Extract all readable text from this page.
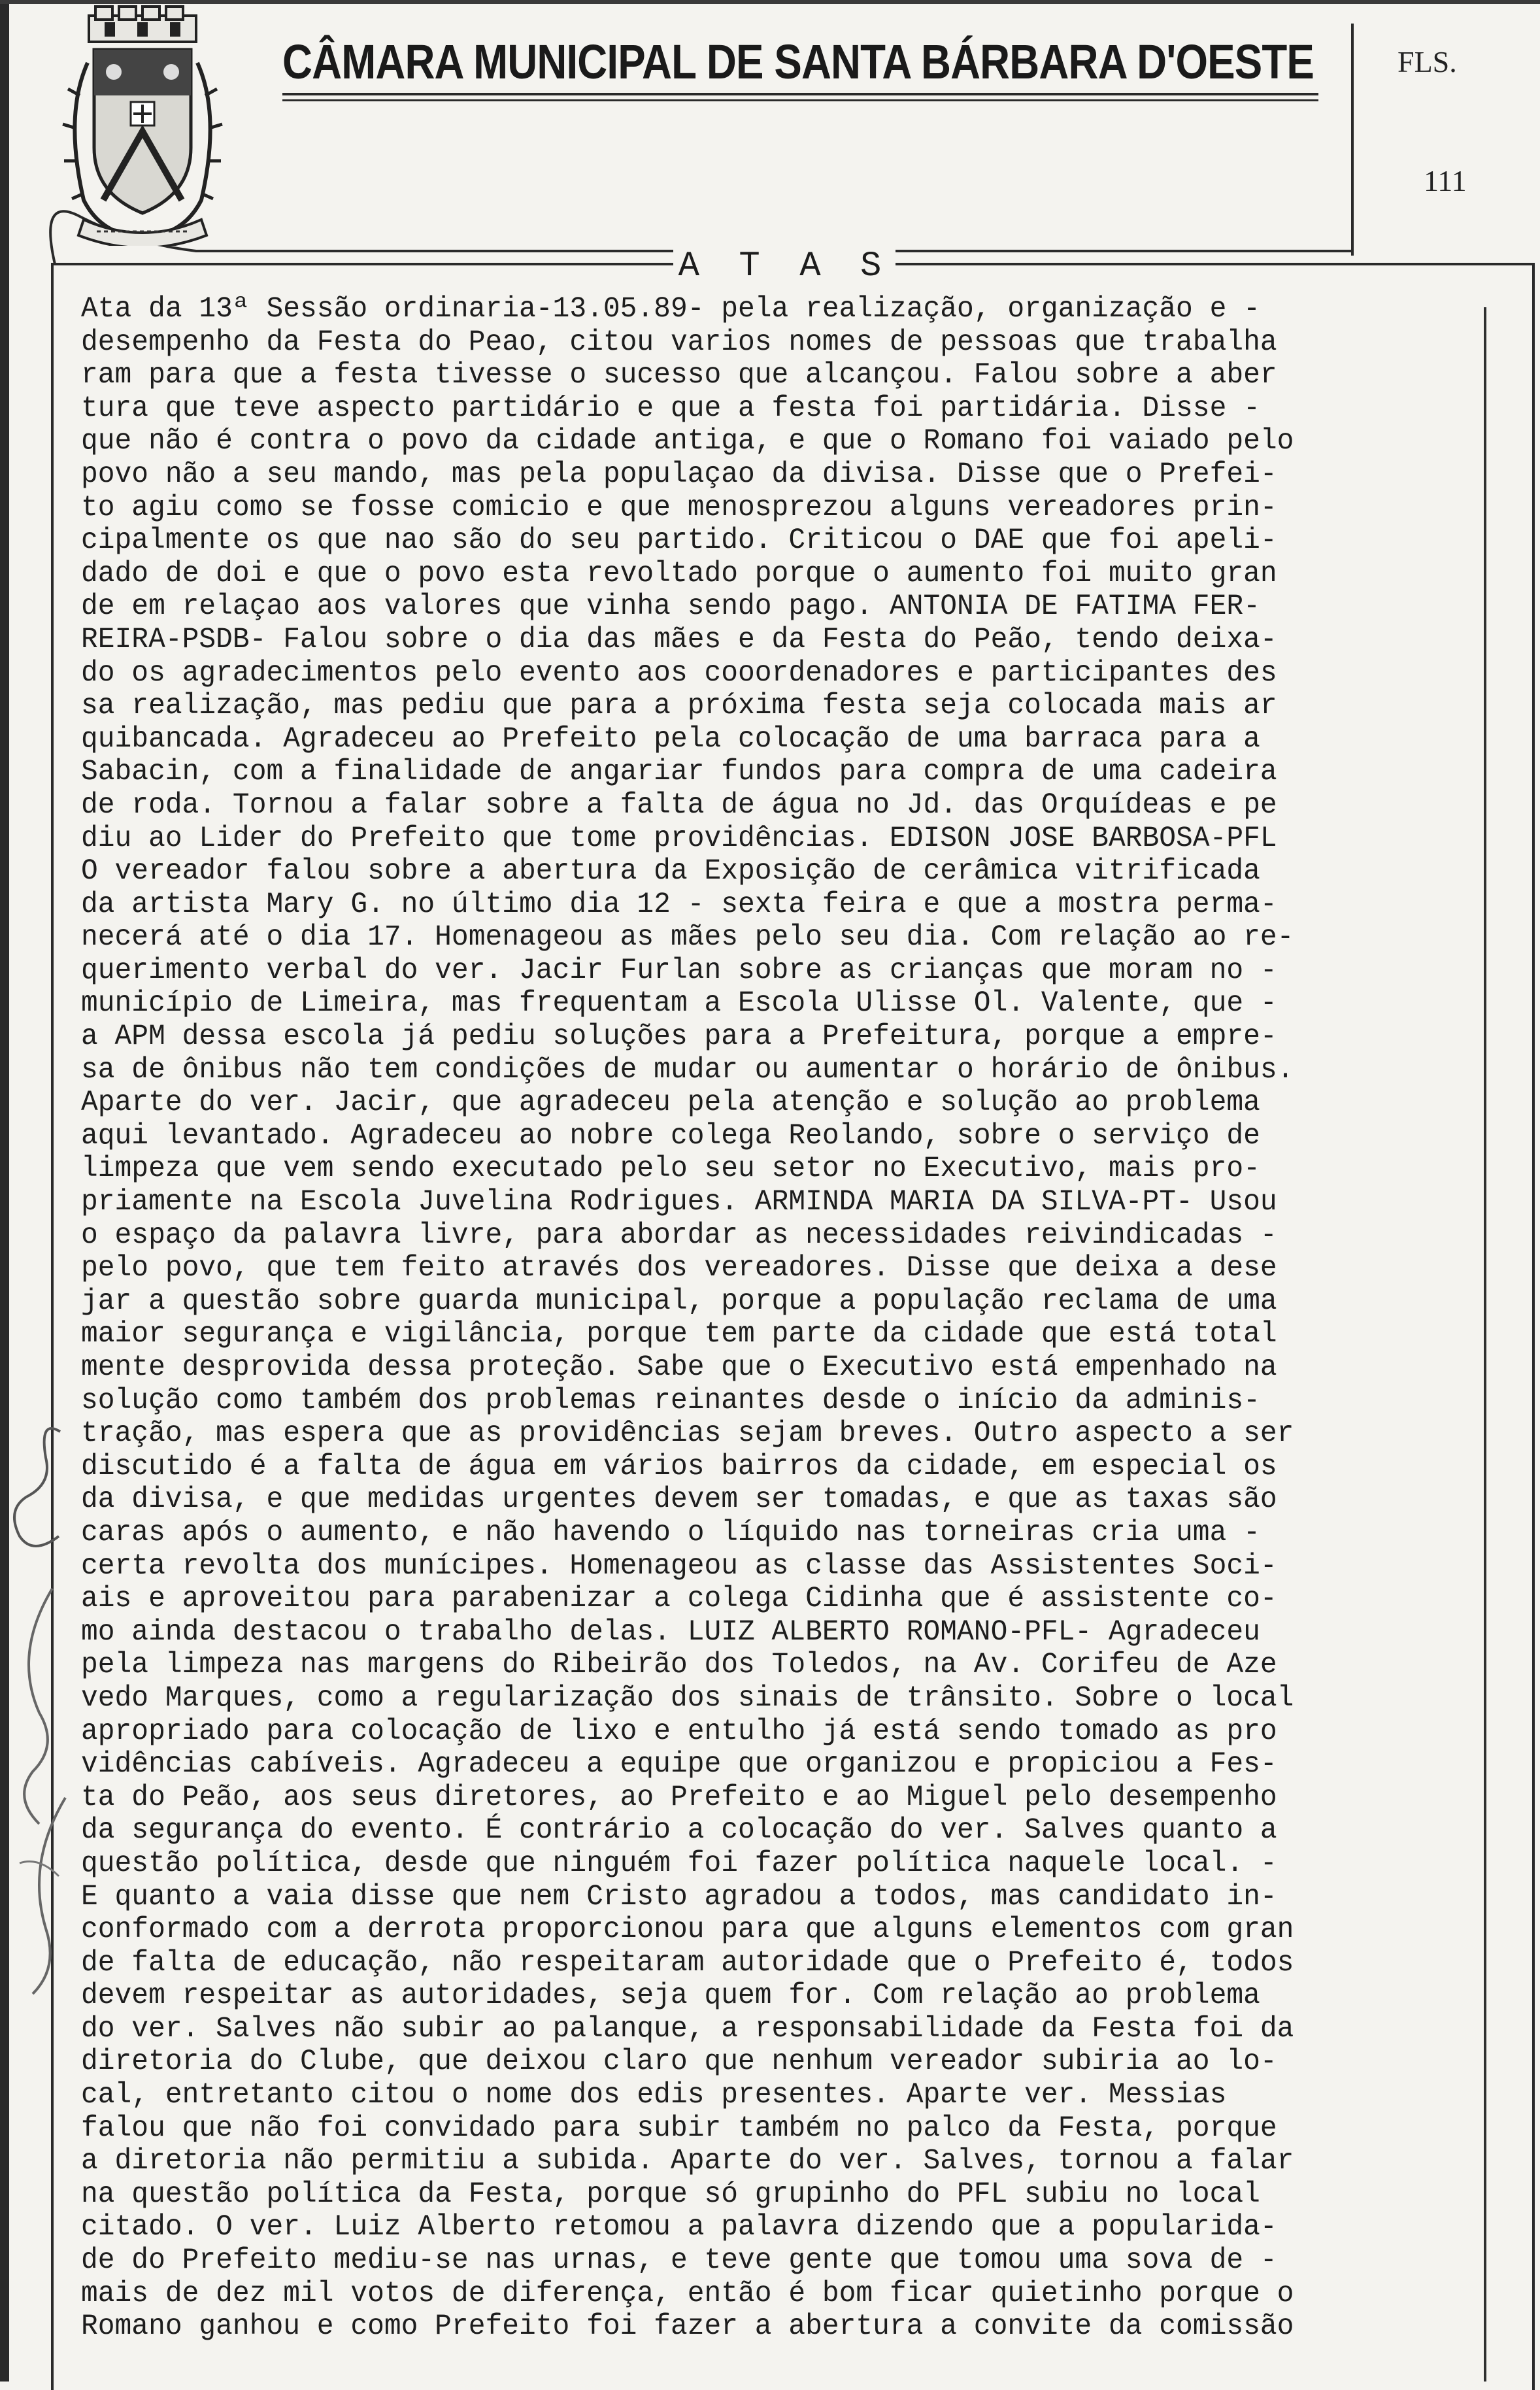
CÂMARA MUNICIPAL DE SANTA BÁRBARA D'OESTE	FLS.
111
A T A S
Ata da 13ª Sessão ordinaria-13.05.89- pela realização, organização e -
desempenho da Festa do Peao, citou varios nomes de pessoas que trabalha
ram para que a festa tivesse o sucesso que alcançou. Falou sobre a aber
tura que teve aspecto partidário e que a festa foi partidária. Disse -
que não é contra o povo da cidade antiga, e que o Romano foi vaiado pelo
povo não a seu mando, mas pela populaçao da divisa. Disse que o Prefei-
to agiu como se fosse comicio e que menosprezou alguns vereadores prin-
cipalmente os que nao são do seu partido. Criticou o DAE que foi apeli-
dado de doi e que o povo esta revoltado porque o aumento foi muito gran
de em relaçao aos valores que vinha sendo pago. ANTONIA DE FATIMA FER-
REIRA-PSDB- Falou sobre o dia das mães e da Festa do Peão, tendo deixa-
do os agradecimentos pelo evento aos cooordenadores e participantes des
sa realização, mas pediu que para a próxima festa seja colocada mais ar
quibancada. Agradeceu ao Prefeito pela colocação de uma barraca para a
Sabacin, com a finalidade de angariar fundos para compra de uma cadeira
de roda. Tornou a falar sobre a falta de água no Jd. das Orquídeas e pe
diu ao Lider do Prefeito que tome providências. EDISON JOSE BARBOSA-PFL
O vereador falou sobre a abertura da Exposição de cerâmica vitrificada
da artista Mary G. no último dia 12 - sexta feira e que a mostra perma-
necerá até o dia 17. Homenageou as mães pelo seu dia. Com relação ao re-
querimento verbal do ver. Jacir Furlan sobre as crianças que moram no -
município de Limeira, mas frequentam a Escola Ulisse Ol. Valente, que -
a APM dessa escola já pediu soluções para a Prefeitura, porque a empre-
sa de ônibus não tem condições de mudar ou aumentar o horário de ônibus.
Aparte do ver. Jacir, que agradeceu pela atenção e solução ao problema
aqui levantado. Agradeceu ao nobre colega Reolando, sobre o serviço de
limpeza que vem sendo executado pelo seu setor no Executivo, mais pro-
priamente na Escola Juvelina Rodrigues. ARMINDA MARIA DA SILVA-PT- Usou
o espaço da palavra livre, para abordar as necessidades reivindicadas -
pelo povo, que tem feito através dos vereadores. Disse que deixa a dese
jar a questão sobre guarda municipal, porque a população reclama de uma
maior segurança e vigilância, porque tem parte da cidade que está total
mente desprovida dessa proteção. Sabe que o Executivo está empenhado na
solução como também dos problemas reinantes desde o início da adminis-
tração, mas espera que as providências sejam breves. Outro aspecto a ser
discutido é a falta de água em vários bairros da cidade, em especial os
da divisa, e que medidas urgentes devem ser tomadas, e que as taxas são
caras após o aumento, e não havendo o líquido nas torneiras cria uma -
certa revolta dos munícipes. Homenageou as classe das Assistentes Soci-
ais e aproveitou para parabenizar a colega Cidinha que é assistente co-
mo ainda destacou o trabalho delas. LUIZ ALBERTO ROMANO-PFL- Agradeceu
pela limpeza nas margens do Ribeirão dos Toledos, na Av. Corifeu de Aze
vedo Marques, como a regularização dos sinais de trânsito. Sobre o local
apropriado para colocação de lixo e entulho já está sendo tomado as pro
vidências cabíveis. Agradeceu a equipe que organizou e propiciou a Fes-
ta do Peão, aos seus diretores, ao Prefeito e ao Miguel pelo desempenho
da segurança do evento. É contrário a colocação do ver. Salves quanto a
questão política, desde que ninguém foi fazer política naquele local. -
E quanto a vaia disse que nem Cristo agradou a todos, mas candidato in-
conformado com a derrota proporcionou para que alguns elementos com gran
de falta de educação, não respeitaram autoridade que o Prefeito é, todos
devem respeitar as autoridades, seja quem for. Com relação ao problema
do ver. Salves não subir ao palanque, a responsabilidade da Festa foi da
diretoria do Clube, que deixou claro que nenhum vereador subiria ao lo-
cal, entretanto citou o nome dos edis presentes. Aparte ver. Messias
falou que não foi convidado para subir também no palco da Festa, porque
a diretoria não permitiu a subida. Aparte do ver. Salves, tornou a falar
na questão política da Festa, porque só grupinho do PFL subiu no local
citado. O ver. Luiz Alberto retomou a palavra dizendo que a popularida-
de do Prefeito mediu-se nas urnas, e teve gente que tomou uma sova de -
mais de dez mil votos de diferença, então é bom ficar quietinho porque o
Romano ganhou e como Prefeito foi fazer a abertura a convite da comissão
